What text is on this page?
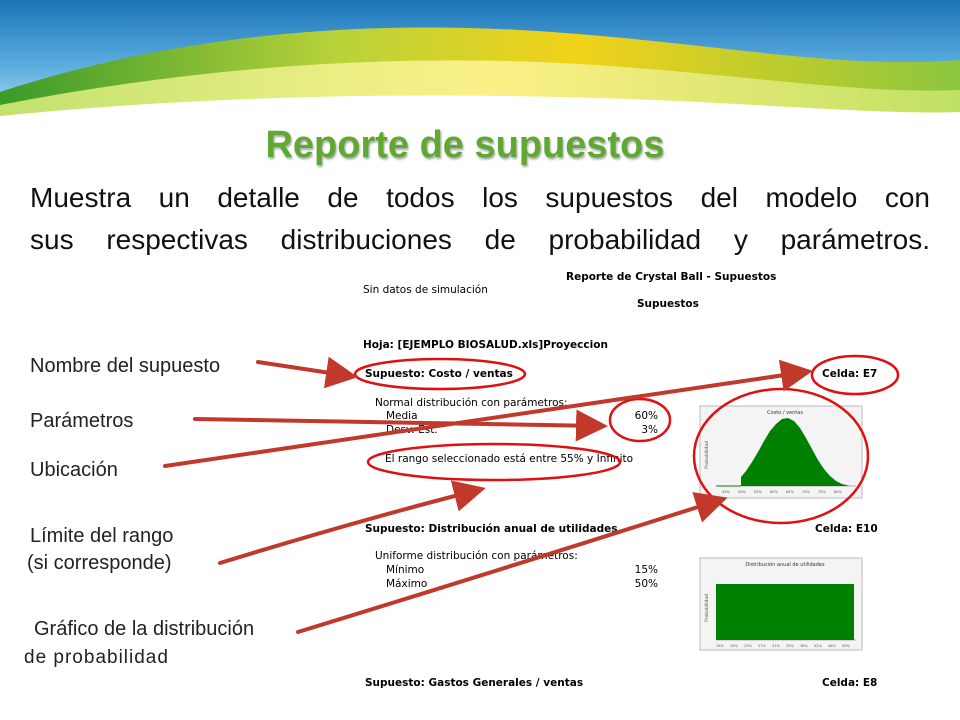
Reporte de supuestos
Muestra un detalle de todos los supuestos del modelo con
sus respectivas distribuciones de probabilidad y parámetros.
Reporte de Crystal Ball - Supuestos
Sin datos de simulación
Supuestos
Hoja: [EJEMPLO BIOSALUD.xls]Proyeccion
Supuesto: Costo / ventas	Celda: E7
Normal distribución con parámetros:
Media	60%
Desv. Est.	3%
El rango seleccionado está entre 55% y Infinito
Supuesto: Distribución anual de utilidades	Celda: E10
Uniforme distribución con parámetros:
Mínimo	15%
Máximo	50%
Supuesto: Gastos Generales / ventas	Celda: E8
Nombre del supuesto
Parámetros
Ubicación
Límite del rango
(si corresponde)
Gráfico de la distribución
de probabilidad
Costo / ventas
Probabilidad
45% 50% 55% 60% 65% 70% 75% 80%
Distribución anual de utilidades
Probabilidad
15% 19% 23% 27% 31% 35% 38% 42% 46% 50%
